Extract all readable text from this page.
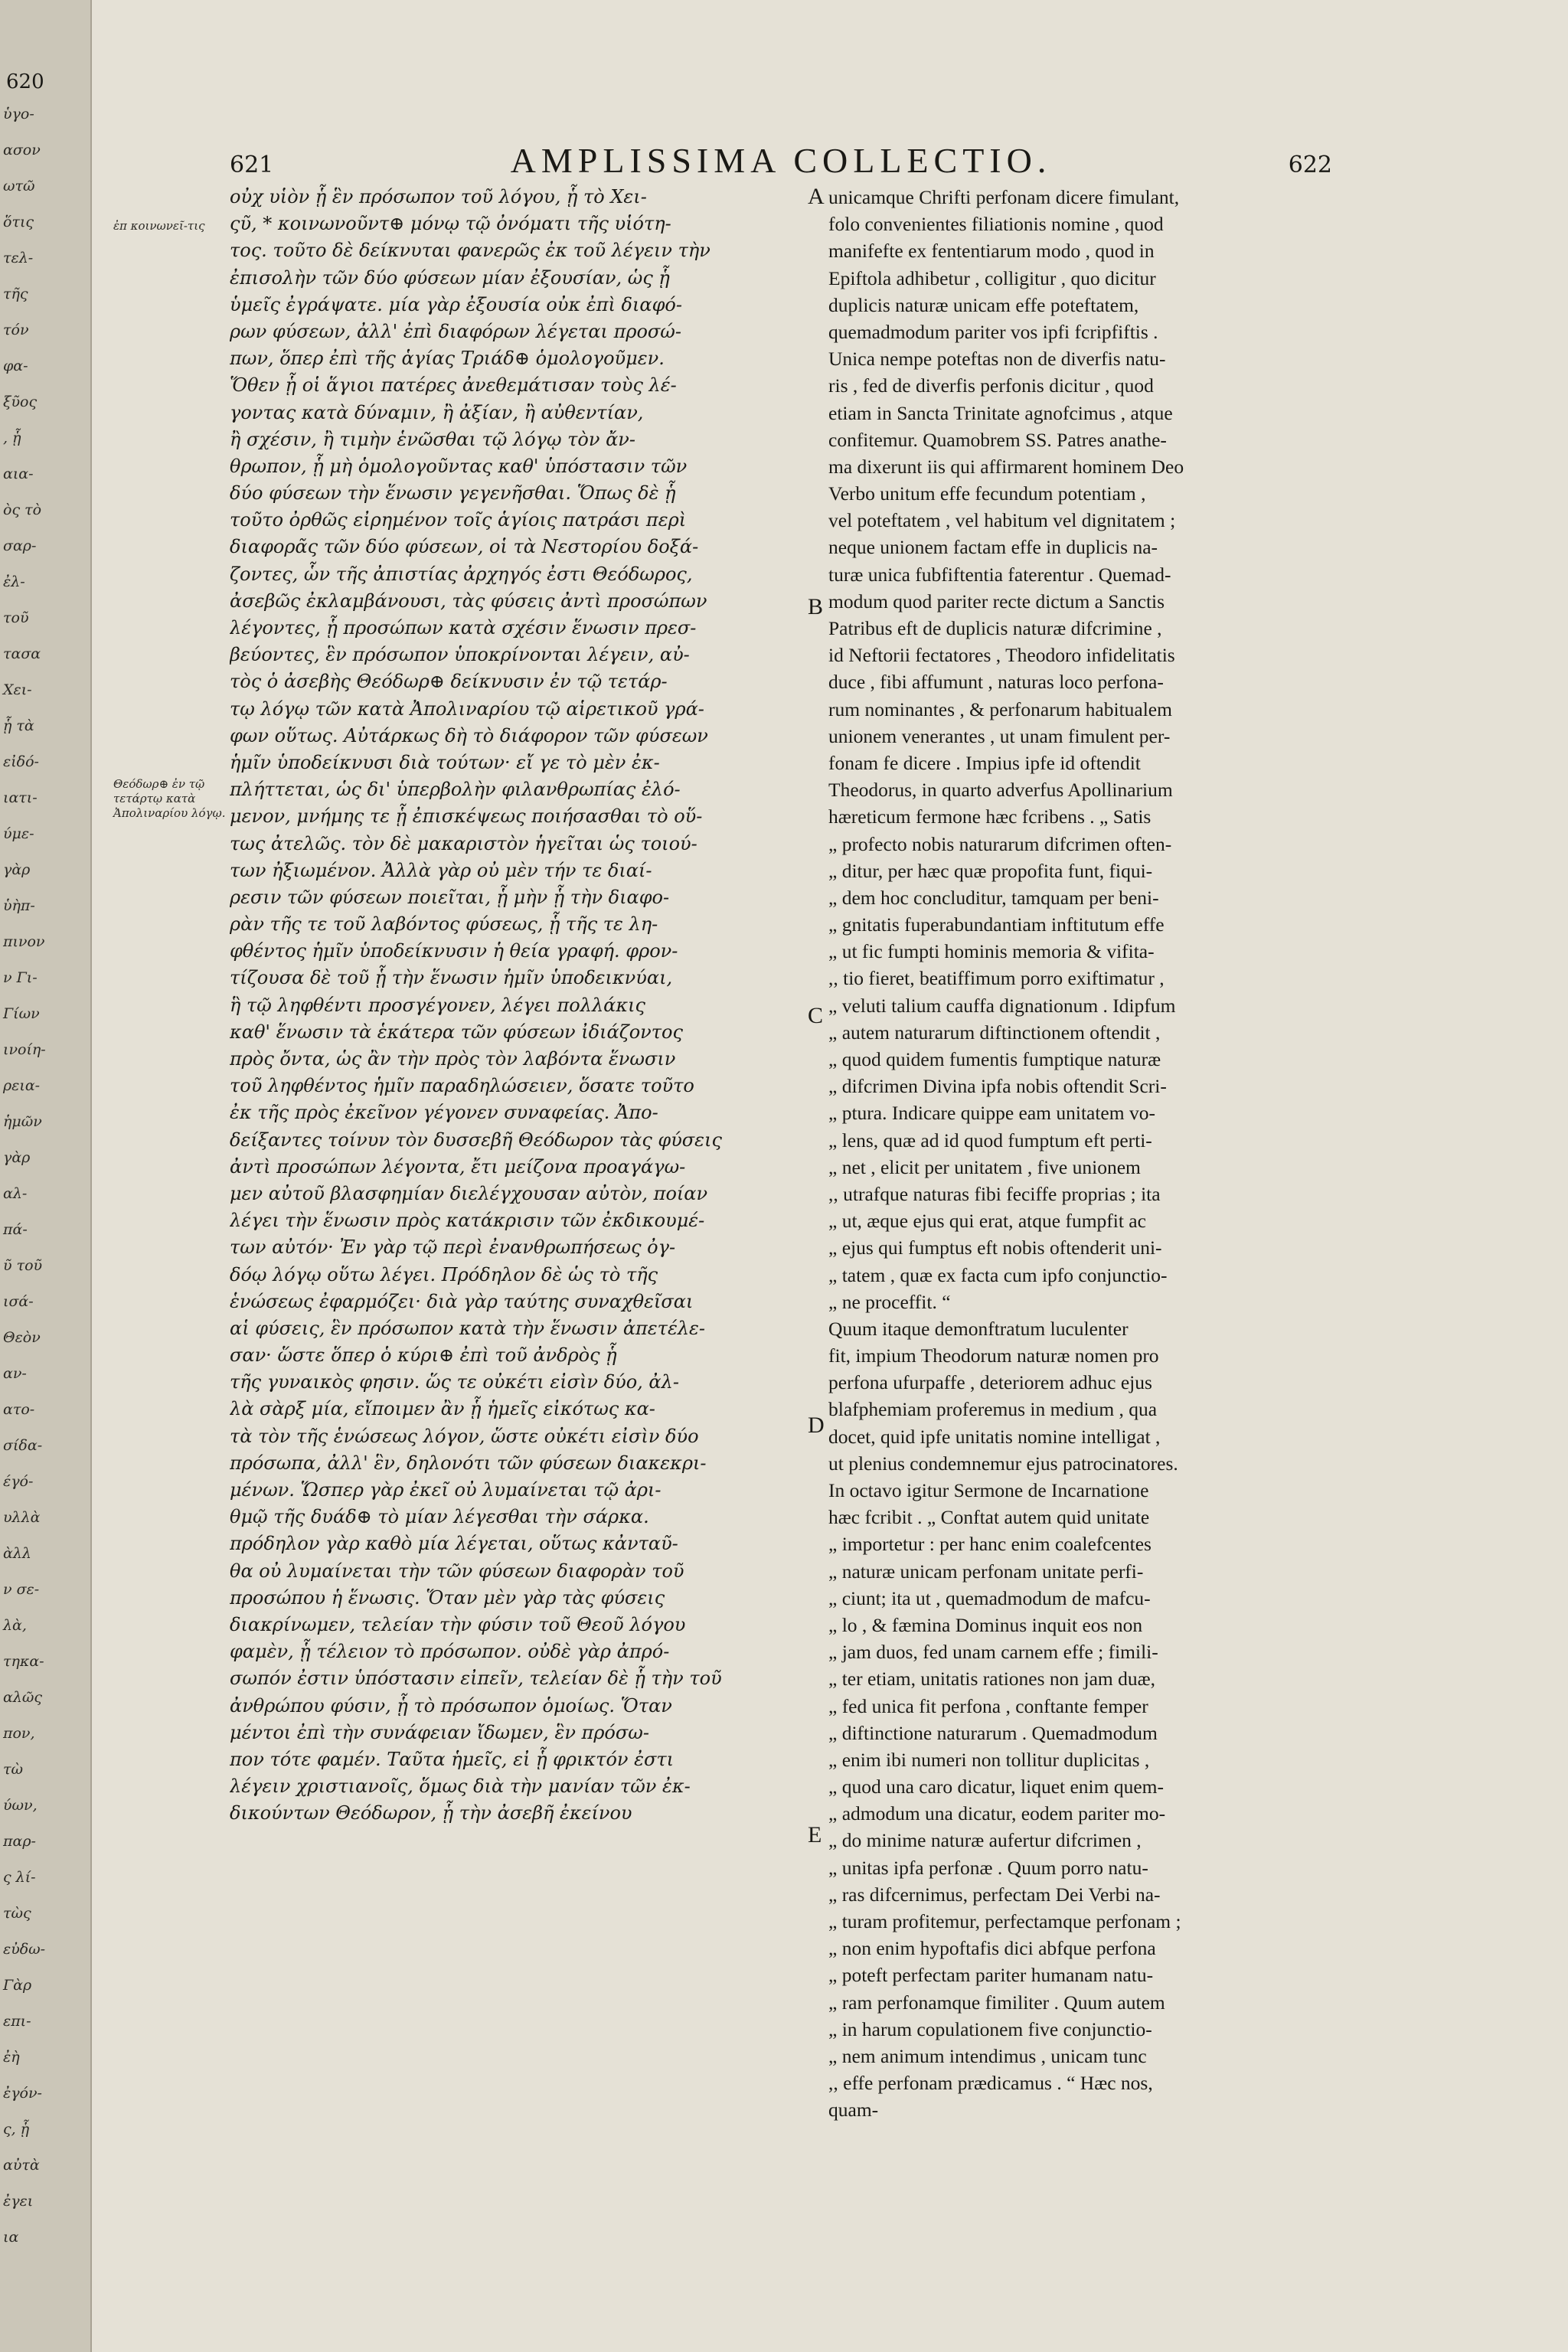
620
ὑγο-
ασον
ωτῶ
ὅτις
τελ-
τῆς
τόν
φα-
ξῦος
, ᾗ
αια-
ὸς τὸ
σαρ-
ἐλ-
τοῦ
τασα
Χει-
ᾗ τὰ
εἰδό-
ιατι-
ύμε-
γὰρ
ὑὴπ-
πινον
ν Γι-
Γίων
ινοίη-
ρεια-
ἡμῶν
γὰρ
αλ-
πά-
ῦ τοῦ
ισά-
Θεὸν
αν-
ατο-
σίδα-
έγό-
υλλὰ
ὰλλ
ν σε-
λὰ,
τηκα-
αλῶς
πον,
τὼ
ύων,
παρ-
ς λί-
τὼς
εὐδω-
Γὰρ
επι-
ἐὴ
ἐγόν-
ς, ᾗ
αὐτὰ
ἐγει
ια
621	AMPLISSIMA COLLECTIO.	622
ἐπ κοινωνεῖ-τις
Θεόδωρ⊕ ἐν τῷ τετάρτῳ κατὰ Ἀπολιναρίου λόγῳ.
οὐχ υἱὸν ᾗ ἓν πρόσωπον τοῦ λόγου, ᾗ τὸ Χει-
ςῦ, * κοινωνοῦντ⊕ μόνῳ τῷ ὀνόματι τῆς υἱότη-
τος. τοῦτο δὲ δείκνυται φανερῶς ἐκ τοῦ λέγειν τὴν
ἐπισολὴν τῶν δύο φύσεων μίαν ἐξουσίαν, ὡς ᾗ
ὑμεῖς ἐγράψατε. μία γὰρ ἐξουσία οὐκ ἐπὶ διαφό-
ρων φύσεων, ἀλλ' ἐπὶ διαφόρων λέγεται προσώ-
πων, ὅπερ ἐπὶ τῆς ἁγίας Τριάδ⊕ ὁμολογοῦμεν.
Ὅθεν ᾗ οἱ ἅγιοι πατέρες ἀνεθεμάτισαν τοὺς λέ-
γοντας κατὰ δύναμιν, ἢ ἀξίαν, ἢ αὐθεντίαν,
ἢ σχέσιν, ἢ τιμὴν ἑνῶσθαι τῷ λόγῳ τὸν ἄν-
θρωπον, ᾗ μὴ ὁμολογοῦντας καθ' ὑπόστασιν τῶν
δύο φύσεων τὴν ἕνωσιν γεγενῆσθαι. Ὅπως δὲ ᾗ
τοῦτο ὀρθῶς εἰρημένον τοῖς ἁγίοις πατράσι περὶ
διαφορᾶς τῶν δύο φύσεων, οἱ τὰ Νεστορίου δοξά-
ζοντες, ὧν τῆς ἀπιστίας ἀρχηγός ἐστι Θεόδωρος,
ἀσεβῶς ἐκλαμβάνουσι, τὰς φύσεις ἀντὶ προσώπων
λέγοντες, ᾗ προσώπων κατὰ σχέσιν ἕνωσιν πρεσ-
βεύοντες, ἓν πρόσωπον ὑποκρίνονται λέγειν, αὐ-
τὸς ὁ ἀσεβὴς Θεόδωρ⊕ δείκνυσιν ἐν τῷ τετάρ-
τῳ λόγῳ τῶν κατὰ Ἀπολιναρίου τῷ αἱρετικοῦ γρά-
φων οὕτως. Αὐτάρκως δὴ τὸ διάφορον τῶν φύσεων
ἡμῖν ὑποδείκνυσι διὰ τούτων· εἴ γε τὸ μὲν ἐκ-
πλήττεται, ὡς δι' ὑπερβολὴν φιλανθρωπίας ἐλό-
μενον, μνήμης τε ᾗ ἐπισκέψεως ποιήσασθαι τὸ οὕ-
τως ἀτελῶς. τὸν δὲ μακαριστὸν ἡγεῖται ὡς τοιού-
των ἠξιωμένον. Ἀλλὰ γὰρ οὐ μὲν τήν τε διαί-
ρεσιν τῶν φύσεων ποιεῖται, ᾗ μὴν ᾗ τὴν διαφο-
ρὰν τῆς τε τοῦ λαβόντος φύσεως, ᾗ τῆς τε λη-
φθέντος ἡμῖν ὑποδείκνυσιν ἡ θεία γραφή. φρον-
τίζουσα δὲ τοῦ ᾗ τὴν ἕνωσιν ἡμῖν ὑποδεικνύαι,
ἣ τῷ ληφθέντι προσγέγονεν, λέγει πολλάκις
καθ' ἕνωσιν τὰ ἑκάτερα τῶν φύσεων ἰδιάζοντος
πρὸς ὄντα, ὡς ἂν τὴν πρὸς τὸν λαβόντα ἕνωσιν
τοῦ ληφθέντος ἡμῖν παραδηλώσειεν, ὅσατε τοῦτο
ἐκ τῆς πρὸς ἐκεῖνον γέγονεν συναφείας. Ἀπο-
δείξαντες τοίνυν τὸν δυσσεβῆ Θεόδωρον τὰς φύσεις
ἀντὶ προσώπων λέγοντα, ἔτι μείζονα προαγάγω-
μεν αὐτοῦ βλασφημίαν διελέγχουσαν αὐτὸν, ποίαν
λέγει τὴν ἕνωσιν πρὸς κατάκρισιν τῶν ἐκδικουμέ-
των αὐτόν· Ἐν γὰρ τῷ περὶ ἐνανθρωπήσεως ὀγ-
δόῳ λόγῳ οὕτω λέγει. Πρόδηλον δὲ ὡς τὸ τῆς
ἑνώσεως ἐφαρμόζει· διὰ γὰρ ταύτης συναχθεῖσαι
αἱ φύσεις, ἓν πρόσωπον κατὰ τὴν ἕνωσιν ἀπετέλε-
σαν· ὥστε ὅπερ ὁ κύρι⊕ ἐπὶ τοῦ ἀνδρὸς ᾗ
τῆς γυναικὸς φησιν. ὥς τε οὐκέτι εἰσὶν δύο, ἀλ-
λὰ σὰρξ μία, εἴποιμεν ἂν ᾗ ἡμεῖς εἰκότως κα-
τὰ τὸν τῆς ἑνώσεως λόγον, ὥστε οὐκέτι εἰσὶν δύο
πρόσωπα, ἀλλ' ἓν, δηλονότι τῶν φύσεων διακεκρι-
μένων. Ὥσπερ γὰρ ἐκεῖ οὐ λυμαίνεται τῷ ἀρι-
θμῷ τῆς δυάδ⊕ τὸ μίαν λέγεσθαι τὴν σάρκα.
πρόδηλον γὰρ καθὸ μία λέγεται, οὕτως κἀνταῦ-
θα οὐ λυμαίνεται τὴν τῶν φύσεων διαφορὰν τοῦ
προσώπου ἡ ἕνωσις. Ὅταν μὲν γὰρ τὰς φύσεις
διακρίνωμεν, τελείαν τὴν φύσιν τοῦ Θεοῦ λόγου
φαμὲν, ᾗ τέλειον τὸ πρόσωπον. οὐδὲ γὰρ ἀπρό-
σωπόν ἐστιν ὑπόστασιν εἰπεῖν, τελείαν δὲ ᾗ τὴν τοῦ
ἀνθρώπου φύσιν, ᾗ τὸ πρόσωπον ὁμοίως. Ὅταν
μέντοι ἐπὶ τὴν συνάφειαν ἴδωμεν, ἓν πρόσω-
πον τότε φαμέν. Ταῦτα ἡμεῖς, εἰ ᾗ φρικτόν ἐστι
λέγειν χριστιανοῖς, ὅμως διὰ τὴν μανίαν τῶν ἐκ-
δικούντων Θεόδωρον, ᾗ τὴν ἀσεβῆ ἐκείνου
unicamque Chrifti perfonam dicere fimulant,
folo convenientes filiationis nomine , quod
manifefte ex fententiarum modo , quod in
Epiftola adhibetur , colligitur , quo dicitur
duplicis naturæ unicam effe poteftatem,
quemadmodum pariter vos ipfi fcripfiftis .
Unica nempe poteftas non de diverfis natu-
ris , fed de diverfis perfonis dicitur , quod
etiam in Sancta Trinitate agnofcimus , atque
confitemur. Quamobrem SS. Patres anathe-
ma dixerunt iis qui affirmarent hominem Deo
Verbo unitum effe fecundum potentiam ,
vel poteftatem , vel habitum vel dignitatem ;
neque unionem factam effe in duplicis na-
turæ unica fubfiftentia faterentur . Quemad-
modum quod pariter recte dictum a Sanctis
Patribus eft de duplicis naturæ difcrimine ,
id Neftorii fectatores , Theodoro infidelitatis
duce , fibi affumunt , naturas loco perfona-
rum nominantes , & perfonarum habitualem
unionem venerantes , ut unam fimulent per-
fonam fe dicere . Impius ipfe id oftendit
Theodorus, in quarto adverfus Apollinarium
hæreticum fermone hæc fcribens . „ Satis
„ profecto nobis naturarum difcrimen often-
„ ditur, per hæc quæ propofita funt, fiqui-
„ dem hoc concluditur, tamquam per beni-
„ gnitatis fuperabundantiam inftitutum effe
„ ut fic fumpti hominis memoria & vifita-
,, tio fieret, beatiffimum porro exiftimatur ,
„ veluti talium cauffa dignationum . Idipfum
„ autem naturarum diftinctionem oftendit ,
„ quod quidem fumentis fumptique naturæ
„ difcrimen Divina ipfa nobis oftendit Scri-
„ ptura. Indicare quippe eam unitatem vo-
„ lens, quæ ad id quod fumptum eft perti-
„ net , elicit per unitatem , five unionem
,, utrafque naturas fibi feciffe proprias ; ita
„ ut, æque ejus qui erat, atque fumpfit ac
„ ejus qui fumptus eft nobis oftenderit uni-
„ tatem , quæ ex facta cum ipfo conjunctio-
„ ne proceffit. “
Quum itaque demonftratum luculenter
fit, impium Theodorum naturæ nomen pro
perfona ufurpaffe , deteriorem adhuc ejus
blafphemiam proferemus in medium , qua
docet, quid ipfe unitatis nomine intelligat ,
ut plenius condemnemur ejus patrocinatores.
In octavo igitur Sermone de Incarnatione
hæc fcribit . „ Conftat autem quid unitate
„ importetur : per hanc enim coalefcentes
„ naturæ unicam perfonam unitate perfi-
„ ciunt; ita ut , quemadmodum de mafcu-
„ lo , & fæmina Dominus inquit eos non
„ jam duos, fed unam carnem effe ; fimili-
„ ter etiam, unitatis rationes non jam duæ,
„ fed unica fit perfona , conftante femper
„ diftinctione naturarum . Quemadmodum
„ enim ibi numeri non tollitur duplicitas ,
„ quod una caro dicatur, liquet enim quem-
„ admodum una dicatur, eodem pariter mo-
„ do minime naturæ aufertur difcrimen ,
„ unitas ipfa perfonæ . Quum porro natu-
„ ras difcernimus, perfectam Dei Verbi na-
„ turam profitemur, perfectamque perfonam ;
„ non enim hypoftafis dici abfque perfona
„ poteft perfectam pariter humanam natu-
„ ram perfonamque fimiliter . Quum autem
„ in harum copulationem five conjunctio-
„ nem animum intendimus , unicam tunc
,, effe perfonam prædicamus . “ Hæc nos,
quam-
A
B
C
D
E
